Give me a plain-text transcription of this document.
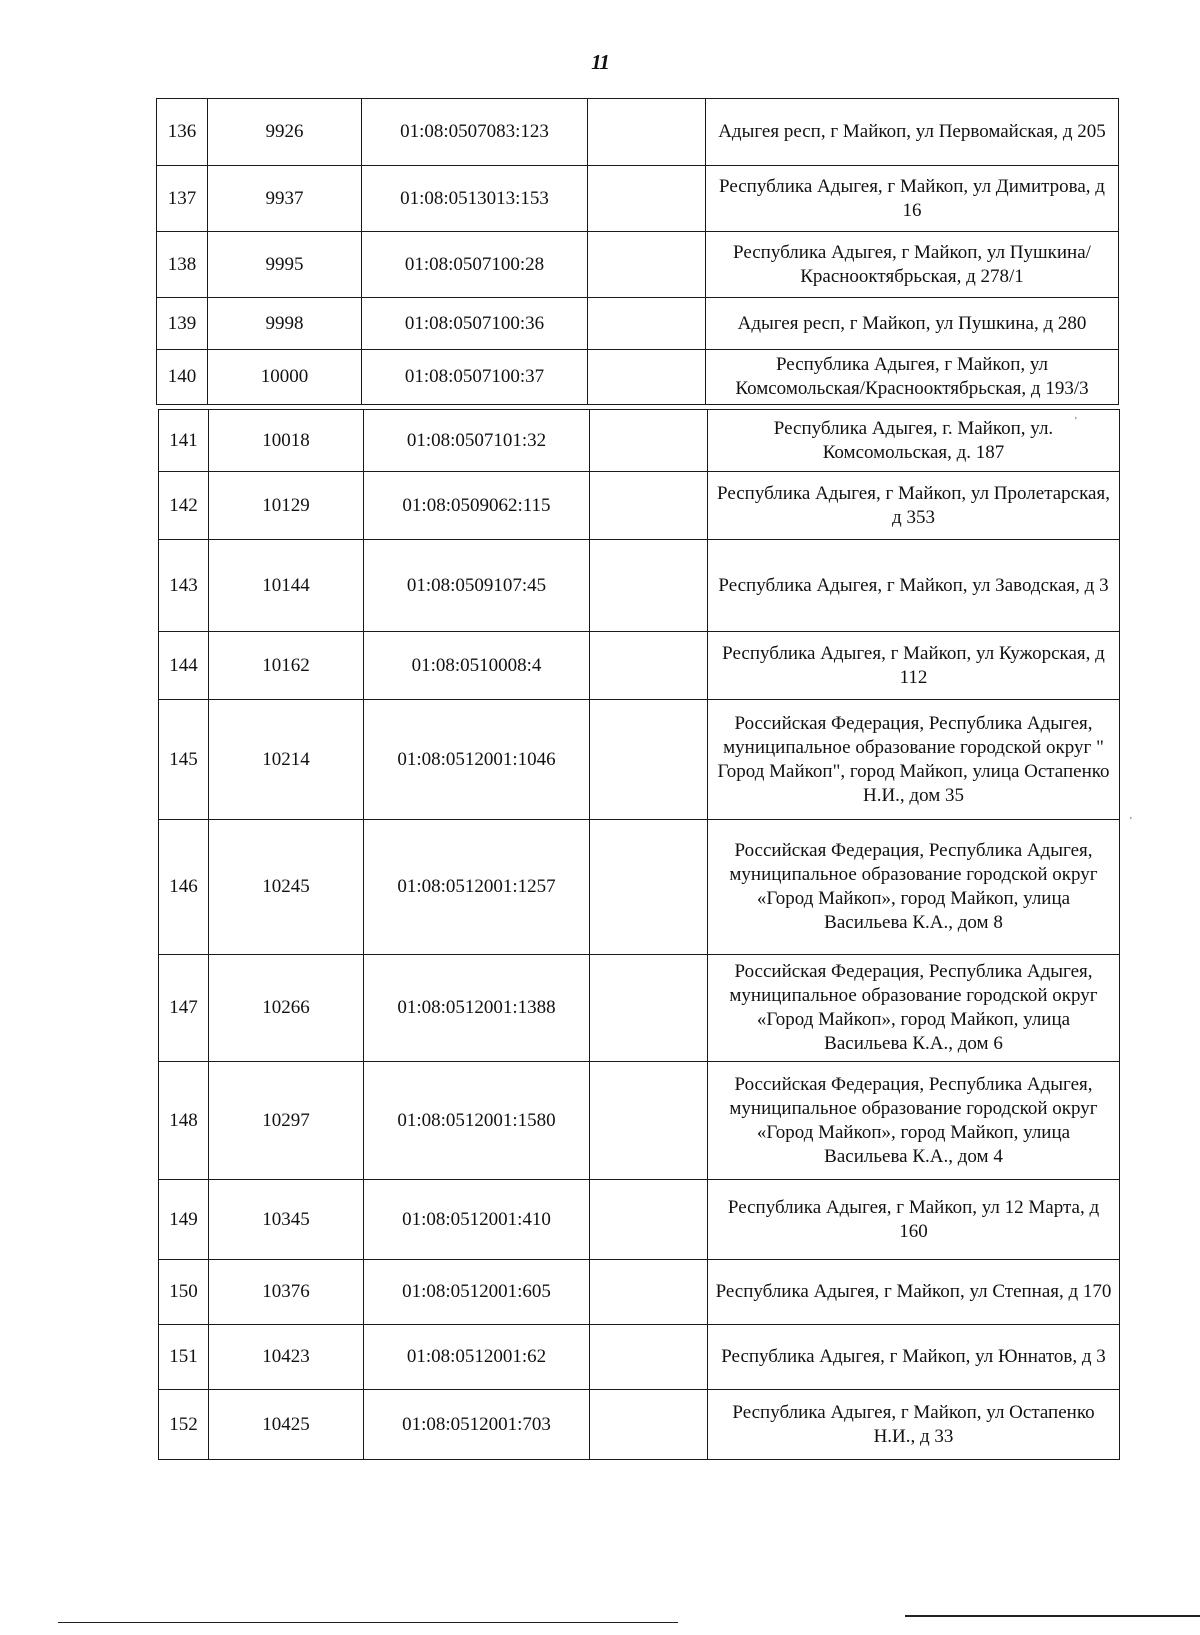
11
136	9926	01:08:0507083:123		Адыгея респ, г Майкоп, ул Первомайская, д 205
137	9937	01:08:0513013:153		Республика Адыгея, г Майкоп, ул Димитрова, д 16
138	9995	01:08:0507100:28		Республика Адыгея, г Майкоп, ул Пушкина/Краснооктябрьская, д 278/1
139	9998	01:08:0507100:36		Адыгея респ, г Майкоп, ул Пушкина, д 280
140	10000	01:08:0507100:37		Республика Адыгея, г Майкоп, ул Комсомольская/Краснооктябрьская, д 193/3
141	10018	01:08:0507101:32		Республика Адыгея, г. Майкоп, ул. Комсомольская, д. 187
142	10129	01:08:0509062:115		Республика Адыгея, г Майкоп, ул Пролетарская, д 353
143	10144	01:08:0509107:45		Республика Адыгея, г Майкоп, ул Заводская, д 3
144	10162	01:08:0510008:4		Республика Адыгея, г Майкоп, ул Кужорская, д 112
145	10214	01:08:0512001:1046		Российская Федерация, Республика Адыгея, муниципальное образование городской округ " Город Майкоп", город Майкоп, улица Остапенко Н.И., дом 35
146	10245	01:08:0512001:1257		Российская Федерация, Республика Адыгея, муниципальное образование городской округ «Город Майкоп», город Майкоп, улица Васильева К.А., дом 8
147	10266	01:08:0512001:1388		Российская Федерация, Республика Адыгея, муниципальное образование городской округ «Город Майкоп», город Майкоп, улица Васильева К.А., дом 6
148	10297	01:08:0512001:1580		Российская Федерация, Республика Адыгея, муниципальное образование городской округ «Город Майкоп», город Майкоп, улица Васильева К.А., дом 4
149	10345	01:08:0512001:410		Республика Адыгея, г Майкоп, ул 12 Марта, д 160
150	10376	01:08:0512001:605		Республика Адыгея, г Майкоп, ул Степная, д 170
151	10423	01:08:0512001:62		Республика Адыгея, г Майкоп, ул Юннатов, д 3
152	10425	01:08:0512001:703		Республика Адыгея, г Майкоп, ул Остапенко Н.И., д 33
'
'
